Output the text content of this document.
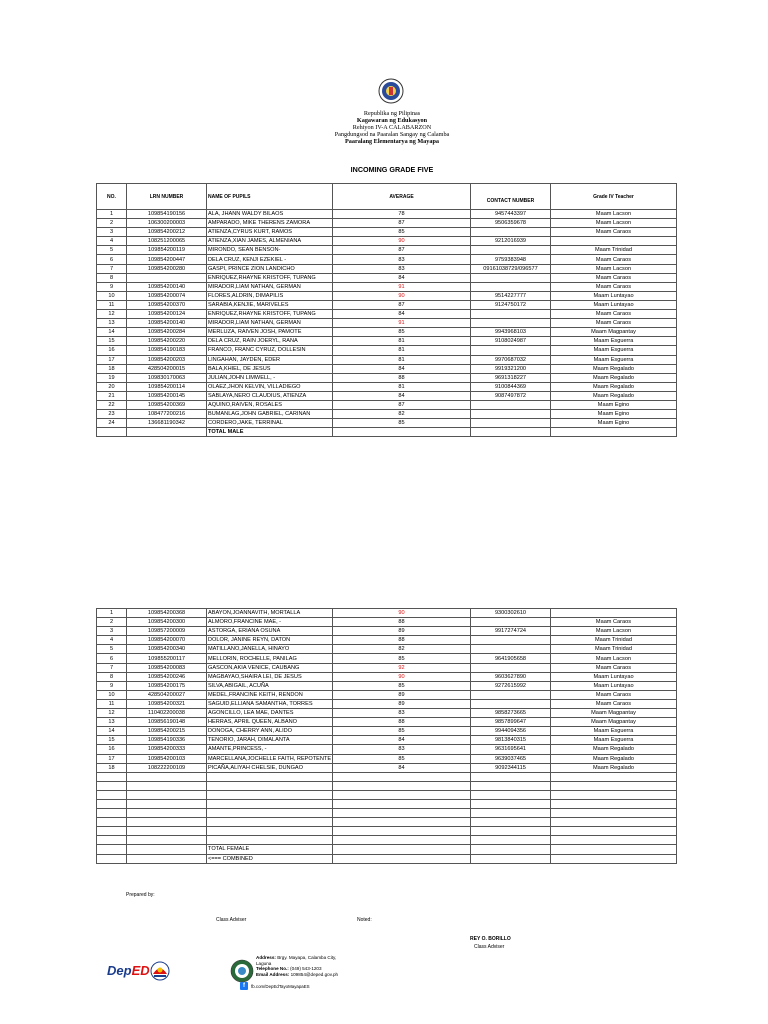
Republika ng Pilipinas
Kagawaran ng Edukasyon
Rehiyon IV-A CALABARZON
Pangdungsod na Paaralan Sangay ng Calamba
Paaralang Elementarya ng Mayapa
INCOMING GRADE FIVE
NO.	LRN NUMBER	NAME OF PUPILS	AVERAGE	CONTACT NUMBER	Grade IV Teacher
1	109854190156	ALA, JHANN WALDY BILAOS	78	9457443397	Maam Lacson
2	106300200003	AMPARADO, MIKE THERENS ZAMORA	87	9506359678	Maam Lacson
3	109854200212	ATIENZA,CYRUS KURT, RAMOS	85		Maam Caraos
4	108251200065	ATIENZA,XIAN JAMES, ALMENIANA	90	9212016939	
5	109854200119	MIRONDO, SEAN BENSON-	87		Maam Trinidad
6	109854200447	DELA CRUZ, KENJI EZEKIEL -	83	9759383948	Maam Caraos
7	109854200280	GASPI, PRINCE ZION LANDICHO	83	09161038729/096577	Maam Lacson
8		ENRIQUEZ,RHAYNE KRISTOFF, TUPANG	84		Maam Caraos
9	109854200140	MIRADOR,LIAM NATHAN, GERMAN	91		Maam Caraos
10	109854200074	FLORES,ALDRIN, DIMAPILIS	90	9514227777	Maam Luntayao
11	109854200370	SARABIA,KENJIE, MARIVELES	87	9124750172	Maam Luntayao
12	109854200124	ENRIQUEZ,RHAYNE KRISTOFF, TUPANG	84		Maam Caraos
13	109854200140	MIRADOR,LIAM NATHAN, GERMAN	91		Maam Caraos
14	109854200284	MERLUZA, RAIVEN JOSH, PAMOTE	85	9943968103	Maam Magpantay
15	109854200220	DELA CRUZ, RAIN JOERYL, RANA	81	9108024987	Maam Esguerra
16	109854190183	FRANCO, FRANC CYRUZ, DOLLESIN	81		Maam Esguerra
17	109854200203	LINGAHAN, JAYDEN, EDER	81	9970687032	Maam Esguerra
18	428504200015	BALA,KHIEL, DE JESUS	84	9919321200	Maam Regalado
19	109830170063	JULIAN,JOHN LIMWELL, -	88	9691318227	Maam Regalado
20	109854200114	OLAEZ,JHON KELVIN, VILLADIEGO	81	9100844369	Maam Regalado
21	109854200145	SABLAYA,NERO CLAUDIUS, ATIENZA	84	9087497872	Maam Regalado
22	109854200369	AQUINO,RAIVEN, ROSALES	87		Maam Egino
23	108477200216	BUMANLAG,JOHN GABRIEL, CARINAN	82		Maam Egino
24	136681190342	CORDERO,JAKE, TERRINAL	85		Maam Egino
		TOTAL MALE			
1	109854200368	ABAYON,JOANNAVITH, MORTALLA	90	9300302610	
2	109854200300	ALMORO,FRANCINE MAE, -	88		Maam Caraos
3	109857200009	ASTORGA, ERIANA OSUNA	89	9917274724	Maam Lacson
4	109854200070	DOLOR, JANINE REYN, DATON	88		Maam Trinidad
5	109854200340	MATILLANO,JANELLA, HINAYO	82		Maam Trinidad
6	109855200117	MELLORIN, ROCHELLE, PANILAG	85	9641905658	Maam Lacson
7	109854200083	GASCON,AKIA VENICE, CAUBANG	92		Maam Caraos
8	109854200246	MAGBAYAO,SHAIRA LEI, DE JESUS	90	9603627890	Maam Luntayao
9	109854200175	SILVA,ABIGAIL, ACUÑA	85	9272615992	Maam Luntayao
10	428504200027	MEDEL,FRANCINE KEITH, RENDON	89		Maam Caraos
11	109854200321	SAGUID,ELLIANA SAMANTHA, TORRES	89		Maam Caraos
12	110402200038	AGONCILLO, LEA MAE, DANTES	83	9858273665	Maam Magpantay
13	109856190148	HERRAS, APRIL QUEEN, ALBANO	88	9857899647	Maam Magpantay
14	109854200215	DONOGA, CHERRY ANN, ALIDO	85	9944094356	Maam Esguerra
15	109854190336	TENORIO, JARAH, DIMALANTA	84	9813840315	Maam Esguerra
16	109854200333	AMANTE,PRINCESS, -	83	9631695641	Maam Regalado
17	109854200103	MARCELLANA,JOCHELLE FAITH, REPOTENTE	85	9639037465	Maam Regalado
18	108222200109	PICAÑA,ALIYAH CHELSIE, DUNGAO	84	9092344115	Maam Regalado

		TOTAL FEMALE			
		<=== COMBINED			
Prepared by:
Class Adviser	Noted:
REY O. BORILLO
Class Adviser
DepED
Address: Brgy. Mayapa, Calamba City,
Laguna
Telephone No.: (049) 543-1203
Email Address: 109854@deped.gov.ph
f	fb.com/DepEdTayoMayapaES
